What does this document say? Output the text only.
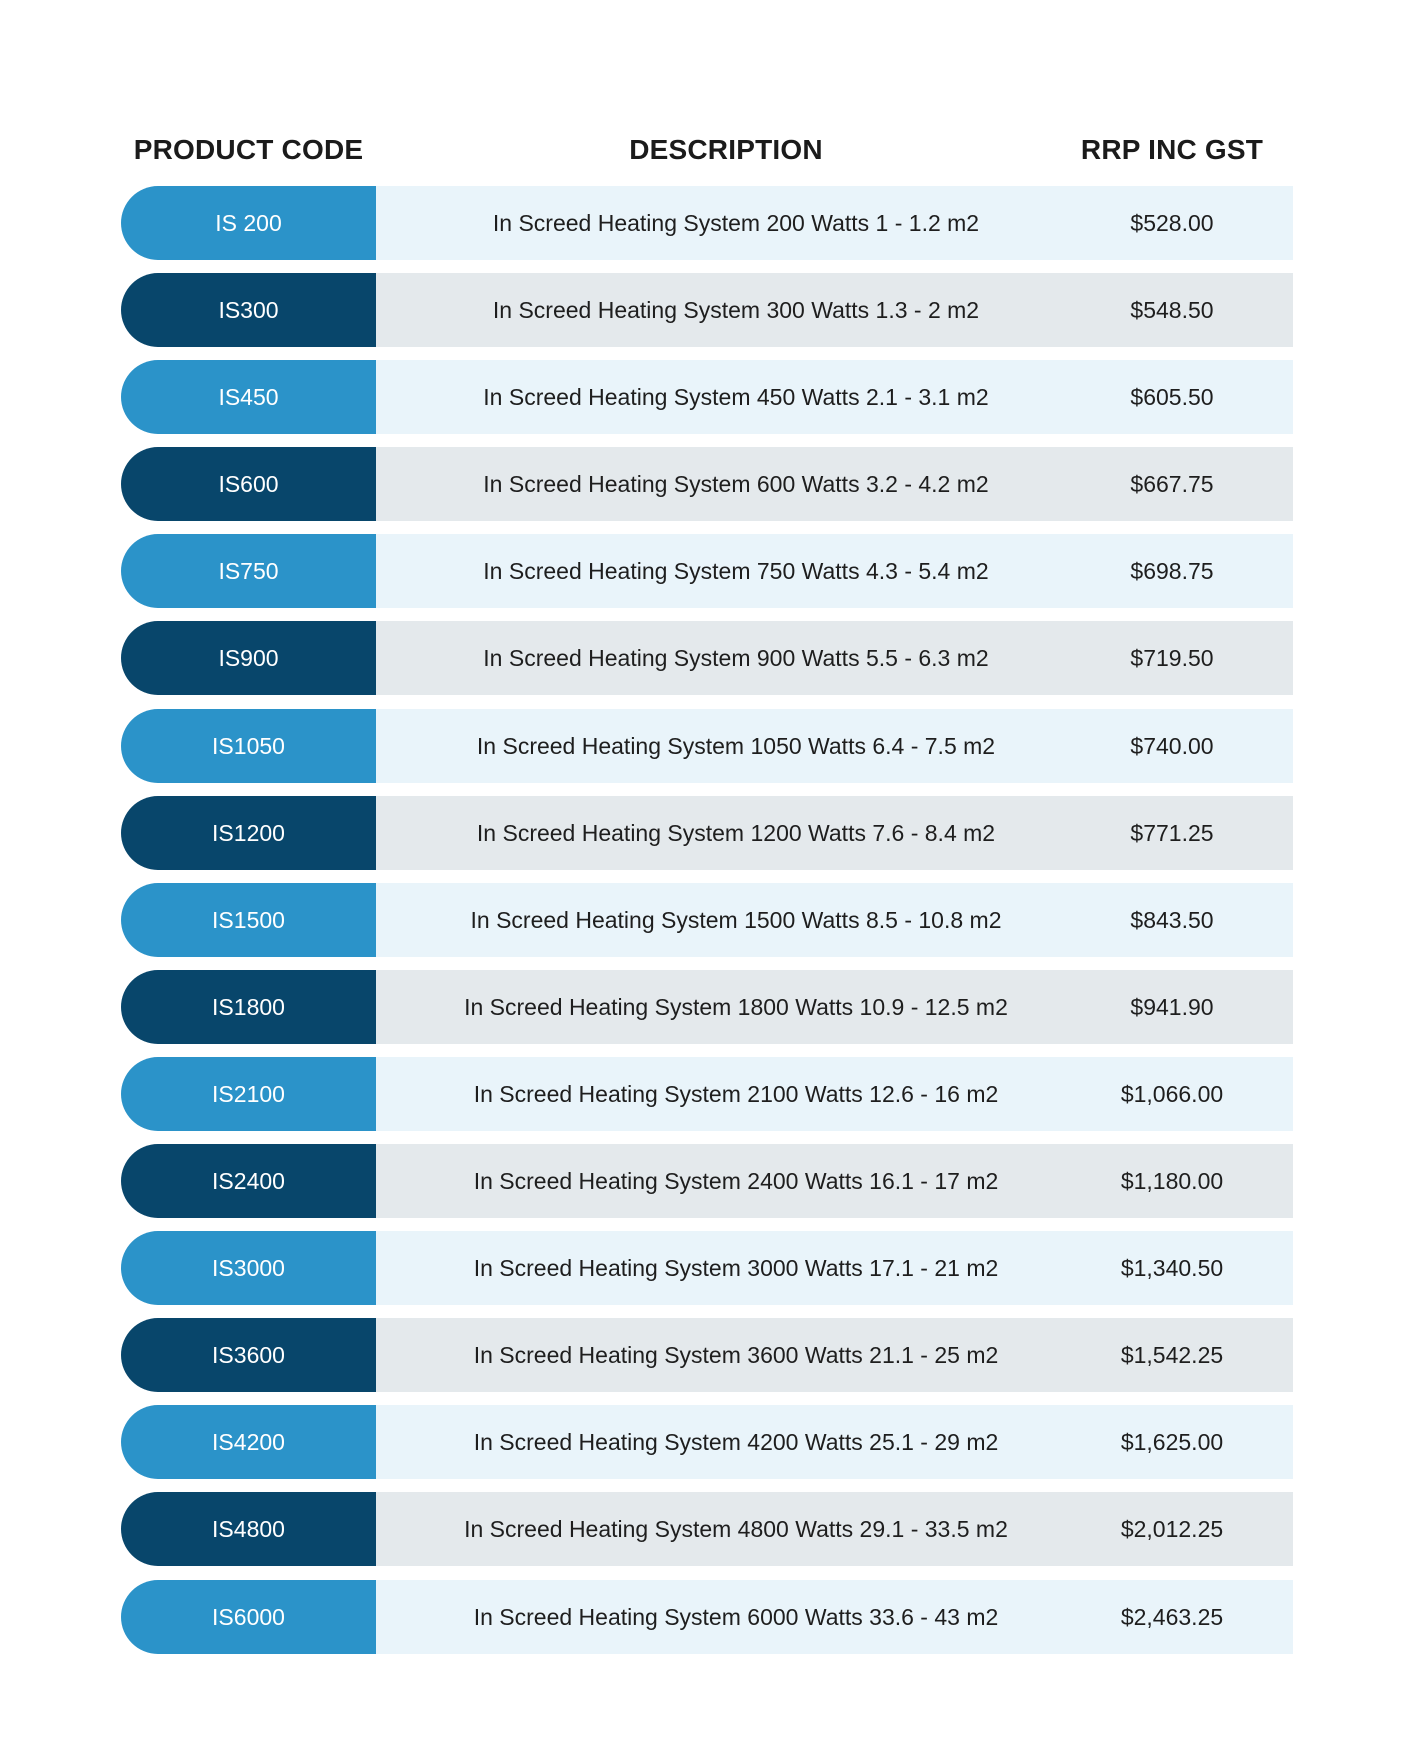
PRODUCT CODE	DESCRIPTION	RRP INC GST
IS 200	In Screed Heating System 200 Watts 1 - 1.2 m2	$528.00
IS300	In Screed Heating System 300 Watts 1.3 - 2 m2	$548.50
IS450	In Screed Heating System 450 Watts 2.1 - 3.1 m2	$605.50
IS600	In Screed Heating System 600 Watts 3.2 - 4.2 m2	$667.75
IS750	In Screed Heating System 750 Watts 4.3 - 5.4 m2	$698.75
IS900	In Screed Heating System 900 Watts 5.5 - 6.3 m2	$719.50
IS1050	In Screed Heating System 1050 Watts 6.4 - 7.5 m2	$740.00
IS1200	In Screed Heating System 1200 Watts 7.6 - 8.4 m2	$771.25
IS1500	In Screed Heating System 1500 Watts 8.5 - 10.8 m2	$843.50
IS1800	In Screed Heating System 1800 Watts 10.9 - 12.5 m2	$941.90
IS2100	In Screed Heating System 2100 Watts 12.6 - 16 m2	$1,066.00
IS2400	In Screed Heating System 2400 Watts 16.1 - 17 m2	$1,180.00
IS3000	In Screed Heating System 3000 Watts 17.1 - 21 m2	$1,340.50
IS3600	In Screed Heating System 3600 Watts 21.1 - 25 m2	$1,542.25
IS4200	In Screed Heating System 4200 Watts 25.1 - 29 m2	$1,625.00
IS4800	In Screed Heating System 4800 Watts 29.1 - 33.5 m2	$2,012.25
IS6000	In Screed Heating System 6000 Watts 33.6 - 43 m2	$2,463.25
